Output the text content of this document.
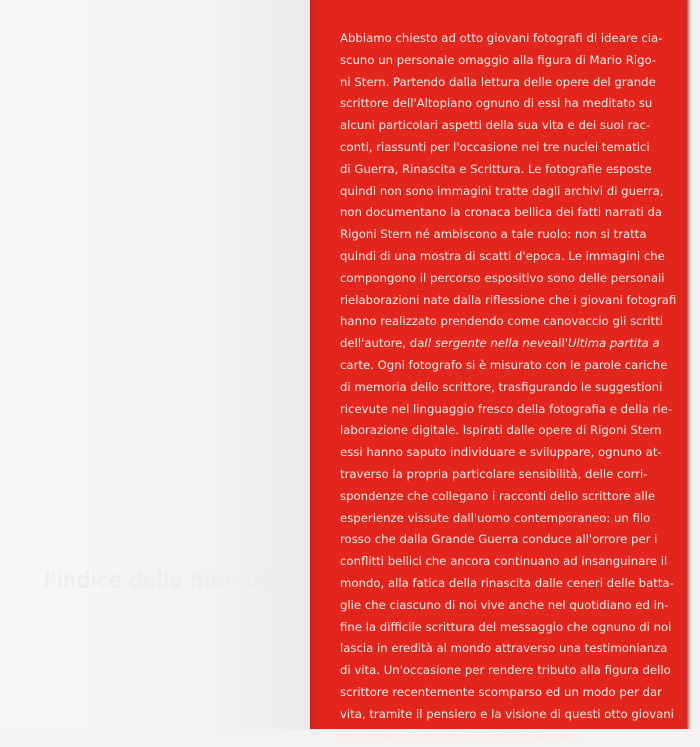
l'indice della memoria
Abbiamo chiesto ad otto giovani fotografi di ideare cia-
scuno un personale omaggio alla figura di Mario Rigo-
ni Stern. Partendo dalla lettura delle opere del grande
scrittore dell'Altopiano ognuno di essi ha meditato su
alcuni particolari aspetti della sua vita e dei suoi rac-
conti, riassunti per l'occasione nei tre nuclei tematici
di Guerra, Rinascita e Scrittura. Le fotografie esposte
quindi non sono immagini tratte dagli archivi di guerra,
non documentano la cronaca bellica dei fatti narrati da
Rigoni Stern né ambiscono a tale ruolo: non si tratta
quindi di una mostra di scatti d'epoca. Le immagini che
compongono il percorso espositivo sono delle personali
rielaborazioni nate dalla riflessione che i giovani fotografi
hanno realizzato prendendo come canovaccio gli scritti
dell'autore, daIl sergente nella neveall'Ultima partita a
carte. Ogni fotografo si è misurato con le parole cariche
di memoria dello scrittore, trasfigurando le suggestioni
ricevute nel linguaggio fresco della fotografia e della rie-
laborazione digitale. Ispirati dalle opere di Rigoni Stern
essi hanno saputo individuare e sviluppare, ognuno at-
traverso la propria particolare sensibilità, delle corri-
spondenze che collegano i racconti dello scrittore alle
esperienze vissute dall'uomo contemporaneo: un filo
rosso che dalla Grande Guerra conduce all'orrore per i
conflitti bellici che ancora continuano ad insanguinare il
mondo, alla fatica della rinascita dalle ceneri delle batta-
glie che ciascuno di noi vive anche nel quotidiano ed in-
fine la difficile scrittura del messaggio che ognuno di noi
lascia in eredità al mondo attraverso una testimonianza
di vita. Un'occasione per rendere tributo alla figura dello
scrittore recentemente scomparso ed un modo per dar
vita, tramite il pensiero e la visione di questi otto giovani
Artisti, ad un inedito percorso espositivo.
